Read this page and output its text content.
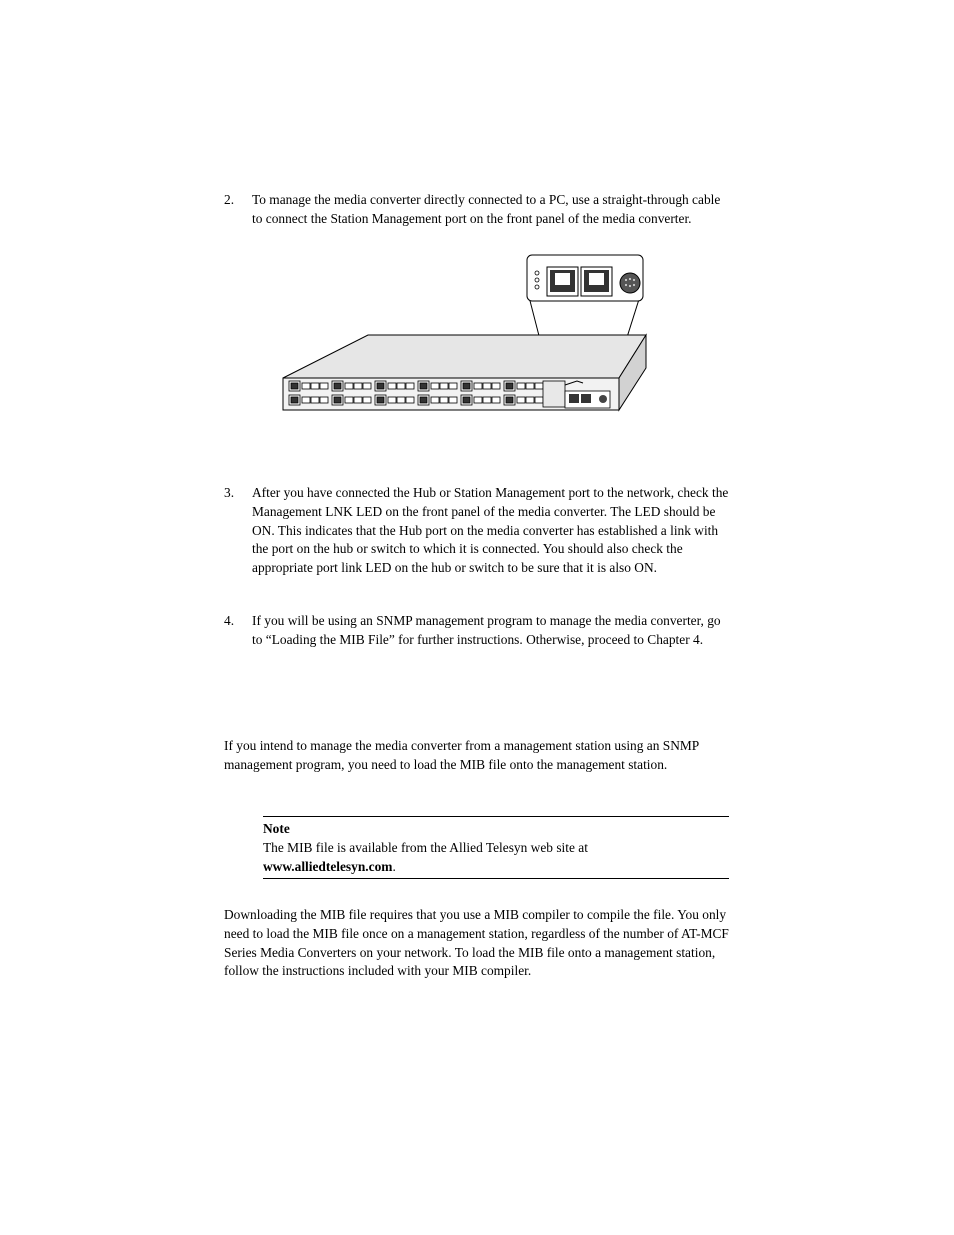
2. To manage the media converter directly connected to a PC, use a straight-through cable to connect the Station Management port on the front panel of the media converter.
3. After you have connected the Hub or Station Management port to the network, check the Management LNK LED on the front panel of the media converter. The LED should be ON. This indicates that the Hub port on the media converter has established a link with the port on the hub or switch to which it is connected. You should also check the appropriate port link LED on the hub or switch to be sure that it is also ON.
4. If you will be using an SNMP management program to manage the media converter, go to “Loading the MIB File” for further instructions. Otherwise, proceed to Chapter 4.

If you intend to manage the media converter from a management station using an SNMP management program, you need to load the MIB file onto the management station.

Note
The MIB file is available from the Allied Telesyn web site at
www.alliedtelesyn.com.

Downloading the MIB file requires that you use a MIB compiler to compile the file. You only need to load the MIB file once on a management station, regardless of the number of AT-MCF Series Media Converters on your network. To load the MIB file onto a management station, follow the instructions included with your MIB compiler.
